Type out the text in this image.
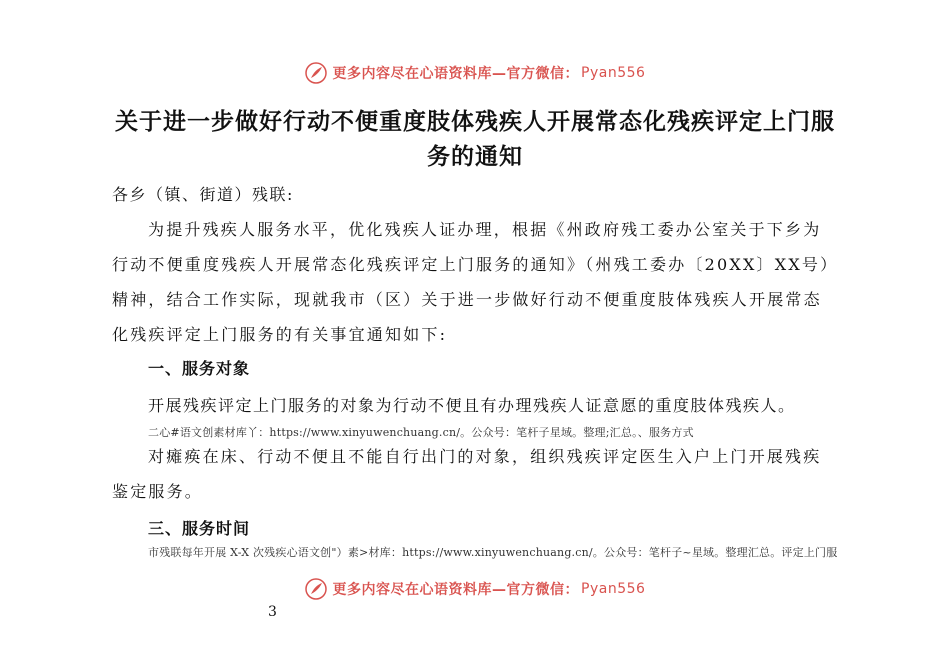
更多内容尽在心语资料库—官方微信： Pyan556
关于进一步做好行动不便重度肢体残疾人开展常态化残疾评定上门服务的通知
各乡（镇、街道）残联:
为提升残疾人服务水平，优化残疾人证办理，根据《州政府残工委办公室关于下乡为行动不便重度残疾人开展常态化残疾评定上门服务的通知》（州残工委办〔20XX〕XX号）精神，结合工作实际，现就我市（区）关于进一步做好行动不便重度肢体残疾人开展常态化残疾评定上门服务的有关事宜通知如下:
一、服务对象
开展残疾评定上门服务的对象为行动不便且有办理残疾人证意愿的重度肢体残疾人。
二心#语文创素材库丫：https://www.xinyuwenchuang.cn/。公众号：笔杆子星域。整理;汇总。、服务方式
对瘫痪在床、行动不便且不能自行出门的对象，组织残疾评定医生入户上门开展残疾鉴定服务。
三、服务时间
市残联每年开展 X-X 次残疾心语文创"）素>材库：https://www.xinyuwenchuang.cn/。公众号：笔杆子~星域。整理汇总。评定上门服
更多内容尽在心语资料库—官方微信： Pyan556
3
